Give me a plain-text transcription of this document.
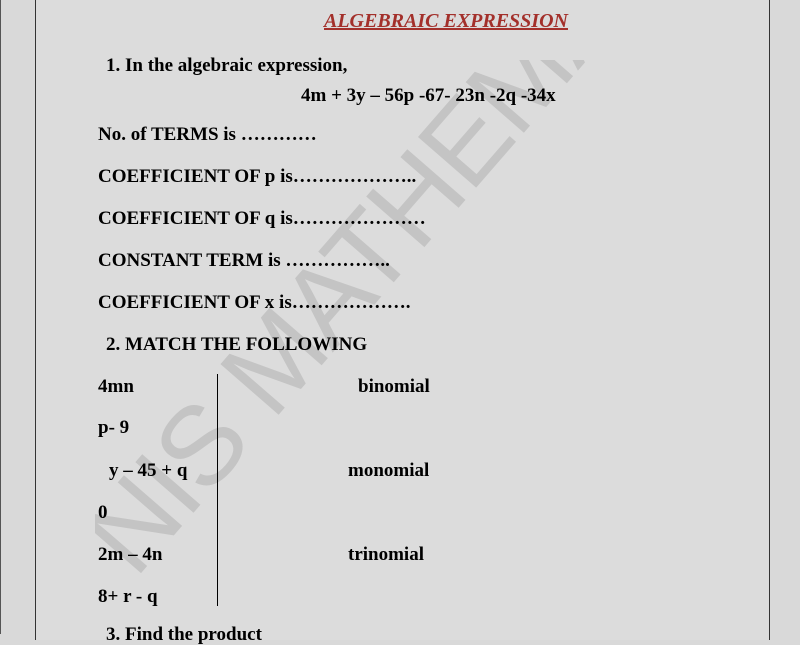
ALGEBRAIC EXPRESSION
1. In the algebraic expression,
4m + 3y – 56p -67- 23n -2q -34x
No. of TERMS is …………
COEFFICIENT OF p is………………..
COEFFICIENT OF q is…………………
CONSTANT TERM is ……………..
COEFFICIENT OF x is……………….
2. MATCH THE FOLLOWING
4mn
p- 9
y – 45 + q
0
2m – 4n
8+ r - q
binomial
monomial
trinomial
3. Find the product
